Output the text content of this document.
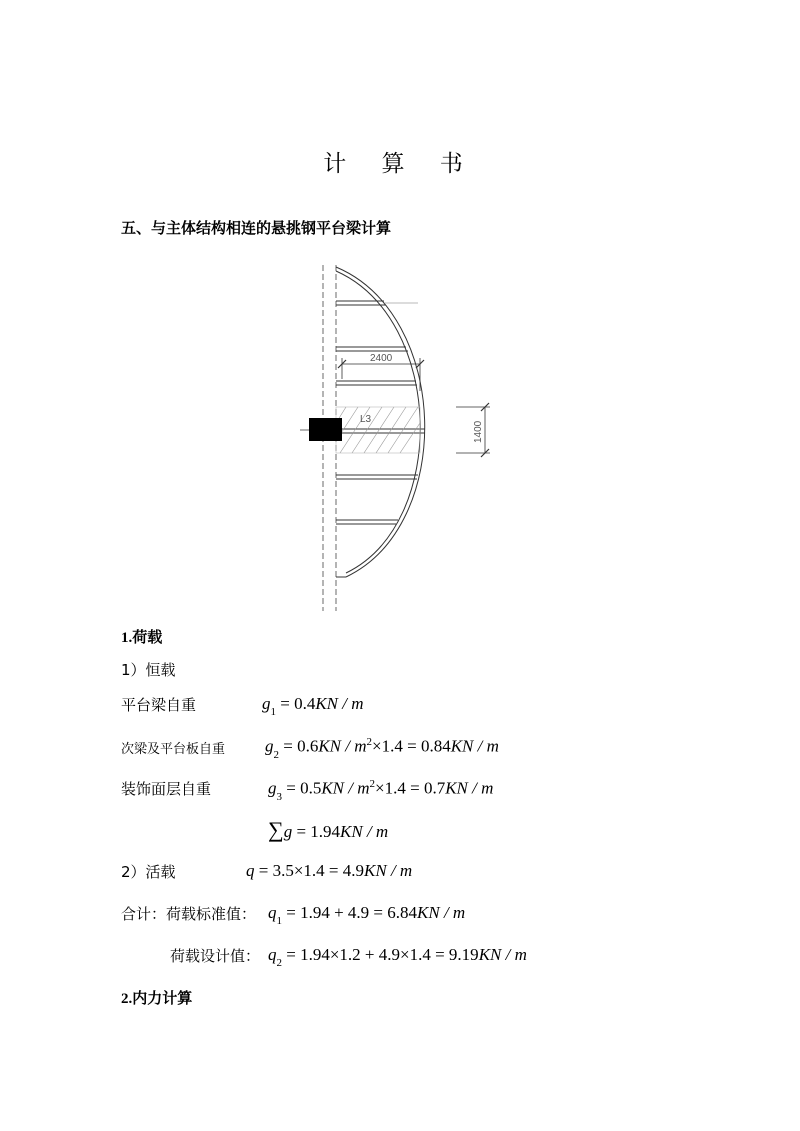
计 算 书
五、与主体结构相连的悬挑钢平台梁计算
L3
2400
1400
1.荷载
1）恒载
平台梁自重	$g_1 = 0.4KN / m$
次梁及平台板自重 $g_2 = 0.6KN / m^2\times 1.4 = 0.84KN / m$
装饰面层自重	$g_3 = 0.5KN / m^2\times 1.4 = 0.7KN / m$
∑g = 1.94KN / m
2）活载	q = 3.5×1.4 = 4.9KN / m
合计：荷载标准值： $q_1 = 1.94 + 4.9 = 6.84KN / m$
荷载设计值： $q_2 = 1.94\times 1.2 + 4.9\times 1.4 = 9.19KN / m$
2.内力计算
